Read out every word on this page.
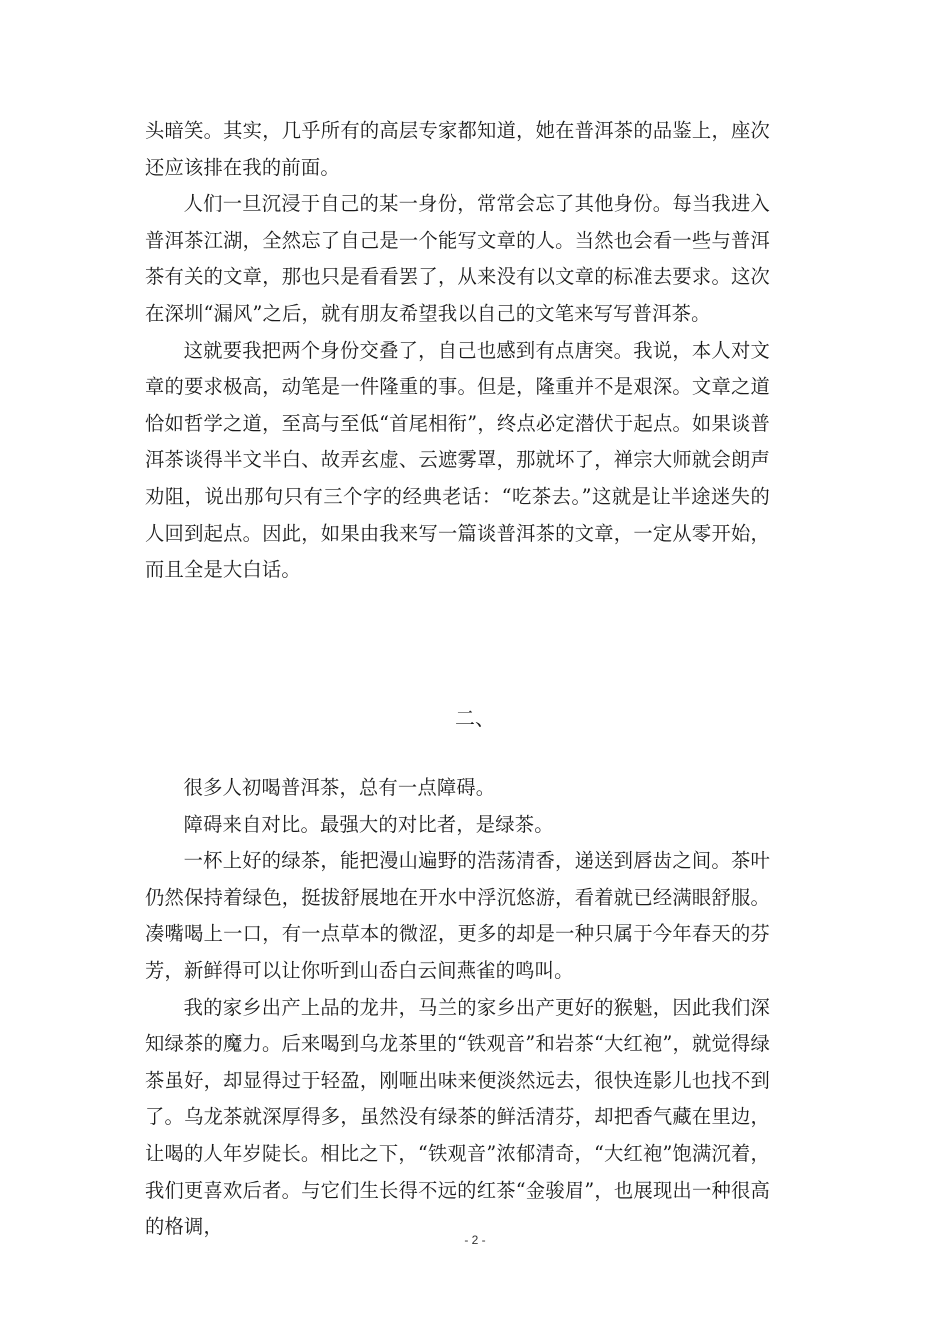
头暗笑。其实，几乎所有的高层专家都知道，她在普洱茶的品鉴上，座次还应该排在我的前面。

人们一旦沉浸于自己的某一身份，常常会忘了其他身份。每当我进入普洱茶江湖，全然忘了自己是一个能写文章的人。当然也会看一些与普洱茶有关的文章，那也只是看看罢了，从来没有以文章的标准去要求。这次在深圳“漏风”之后，就有朋友希望我以自己的文笔来写写普洱茶。

这就要我把两个身份交叠了，自己也感到有点唐突。我说，本人对文章的要求极高，动笔是一件隆重的事。但是，隆重并不是艰深。文章之道恰如哲学之道，至高与至低“首尾相衔”，终点必定潜伏于起点。如果谈普洱茶谈得半文半白、故弄玄虚、云遮雾罩，那就坏了，禅宗大师就会朗声劝阻，说出那句只有三个字的经典老话：“吃茶去。”这就是让半途迷失的人回到起点。因此，如果由我来写一篇谈普洱茶的文章，一定从零开始，而且全是大白话。

二、

很多人初喝普洱茶，总有一点障碍。

障碍来自对比。最强大的对比者，是绿茶。

一杯上好的绿茶，能把漫山遍野的浩荡清香，递送到唇齿之间。茶叶仍然保持着绿色，挺拔舒展地在开水中浮沉悠游，看着就已经满眼舒服。凑嘴喝上一口，有一点草本的微涩，更多的却是一种只属于今年春天的芬芳，新鲜得可以让你听到山岙白云间燕雀的鸣叫。

我的家乡出产上品的龙井，马兰的家乡出产更好的猴魁，因此我们深知绿茶的魔力。后来喝到乌龙茶里的“铁观音”和岩茶“大红袍”，就觉得绿茶虽好，却显得过于轻盈，刚咂出味来便淡然远去，很快连影儿也找不到了。乌龙茶就深厚得多，虽然没有绿茶的鲜活清芬，却把香气藏在里边，让喝的人年岁陡长。相比之下，“铁观音”浓郁清奇，“大红袍”饱满沉着，我们更喜欢后者。与它们生长得不远的红茶“金骏眉”，也展现出一种很高的格调，

- 2 -
